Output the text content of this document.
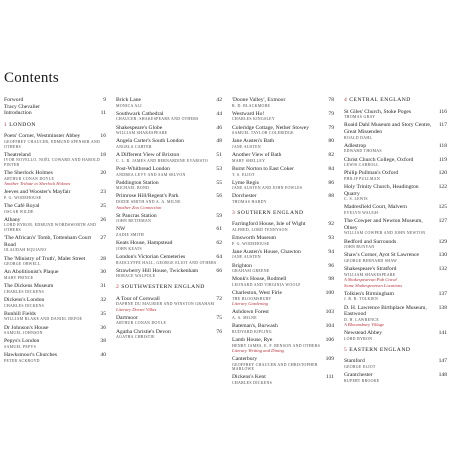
Contents
Forword	9
Tracy Chevalier
Introduction	11
1 LONDON
Poets' Corner, Westminster Abbey	16
GEOFFREY CHAUCER, EDMUND SPENSER AND OTHERS
Theatreland	18
IVOR NOVELLO, NOËL COWARD AND HAROLD PINTER
The Sherlock Holmes	20
ARTHUR CONAN DOYLE
Another Tribute to Sherlock Holmes
Jeeves and Wooster's Mayfair	23
P. G. WODEHOUSE
The Café Royal	25
OSCAR WILDE
Albany	26
LORD BYRON, EDMUND WORDSWORTH AND OTHERS
'The African's' Tomb, Tottenham Court Road
27
OLAUDAH EQUIANO
The 'Ministry of Truth', Malet Street	28
GEORGE ORWELL
An Abolitionist's Plaque	30
MARY PRINCE
The Dickens Museum	31
CHARLES DICKENS
Dickens's London	32
CHARLES DICKENS
Bunhill Fields	35
WILLIAM BLAKE AND DANIEL DEFOE
Dr Johnson's House	36
SAMUEL JOHNSON
Pepys's London	38
SAMUEL PEPYS
Hawksmoor's Churches	40
PETER ACKROYD
Brick Lane	42
MONICA ALI
Southwark Cathedral	44
CHAUCER, SHAKESPEARE AND OTHERS
Shakespeare's Globe	46
WILLIAM SHAKESPEARE
Angela Carter's South London	48
ANGELA CARTER
A Different View of Brixton	51
C. L. R. JAMES AND BERNARDINE EVARISTO
Post-Whitbread London	53
ANDREA LEVY AND SAM SELVON
Paddington Station	55
MICHAEL BOND
Primrose Hill/Regent's Park	56
DODIE SMITH AND A. A. MILNE
Another Zoo Connection
St Pancras Station	59
JOHN BETJEMAN
NW	61
ZADIE SMITH
Keats House, Hampstead	62
JOHN KEATS
London's Victorian Cemeteries	64
RADCLYFFE HALL, GEORGE ELIOT AND OTHERS
Strawberry Hill House, Twickenham	66
HORACE WALPOLE
2 SOUTHWESTERN ENGLAND
A Tour of Cornwall	72
DAPHNE DU MAURIER AND WINSTON GRAHAM
Literary Dorset Villas
Dartmoor	75
ARTHUR CONAN DOYLE
Agatha Christie's Devon	76
AGATHA CHRISTIE
'Doone Valley', Exmoor	78
R. D. BLACKMORE
Westward Ho!	79
CHARLES KINGSLEY
Coleridge Cottage, Nether Stowey	79
SAMUEL TAYLOR COLERIDGE
Jane Austen's Bath	80
JANE AUSTEN
Another View of Bath	82
MARY SHELLEY
Burnt Norton to East Coker	84
T. S. ELIOT
Lyme Regis	86
JANE AUSTEN AND JOHN FOWLES
Dorchester	88
THOMAS HARDY
3 SOUTHERN ENGLAND
Farringford House, Isle of Wight	92
ALFRED, LORD TENNYSON
Emsworth Museum	93
P. G. WODEHOUSE
Jane Austen's House, Chawton	94
JANE AUSTEN
Brighton	96
GRAHAM GREENE
Monk's House, Rodmell	98
LEONARD AND VIRGINIA WOOLF
Charleston, West Firle	100
THE BLOOMSBURY
Literary Gardening
Ashdown Forest	103
A. A. MILNE
Bateman's, Burwash	104
RUDYARD KIPLING
Lamb House, Rye	106
HENRY JAMES, E. F. BENSON AND OTHERS
Literary Writing and Dining
Canterbury	109
GEOFFREY CHAUCER AND CHRISTOPHER MARLOWE
Dickens's Kent	111
CHARLES DICKENS
4 CENTRAL ENGLAND
St Giles' Church, Stoke Poges	116
THOMAS GRAY
Roald Dahl Museum and Story Centre, Great Missenden
117
ROALD DAHL
Adlestrop	118
EDWARD THOMAS
Christ Church College, Oxford	119
LEWIS CARROLL
Philip Pullman's Oxford	120
PHILIP PULLMAN
Holy Trinity Church, Headington Quarry
122
C. S. LEWIS
Madresfield Court, Malvern	125
EVELYN WAUGH
The Cowper and Newton Museum, Olney
127
WILLIAM COWPER AND JOHN NEWTON
Bedford and Surrounds	129
JOHN BUNYAN
Shaw's Corner, Ayot St Lawrence	130
GEORGE BERNARD SHAW
Shakespeare's Stratford	132
WILLIAM SHAKESPEARE
A Shakespearean Pub Crawl
Some Shakespearean Locations
Tolkien's Birmingham	137
J. R. R. TOLKIEN
D. H. Lawrence Birthplace Museum, Eastwood
138
D. H. LAWRENCE
A Bloomsbury Village
Newstead Abbey	141
LORD BYRON
5 EASTERN ENGLAND
Stamford	147
GEORGE ELIOT
Grantchester	148
RUPERT BROOKE
